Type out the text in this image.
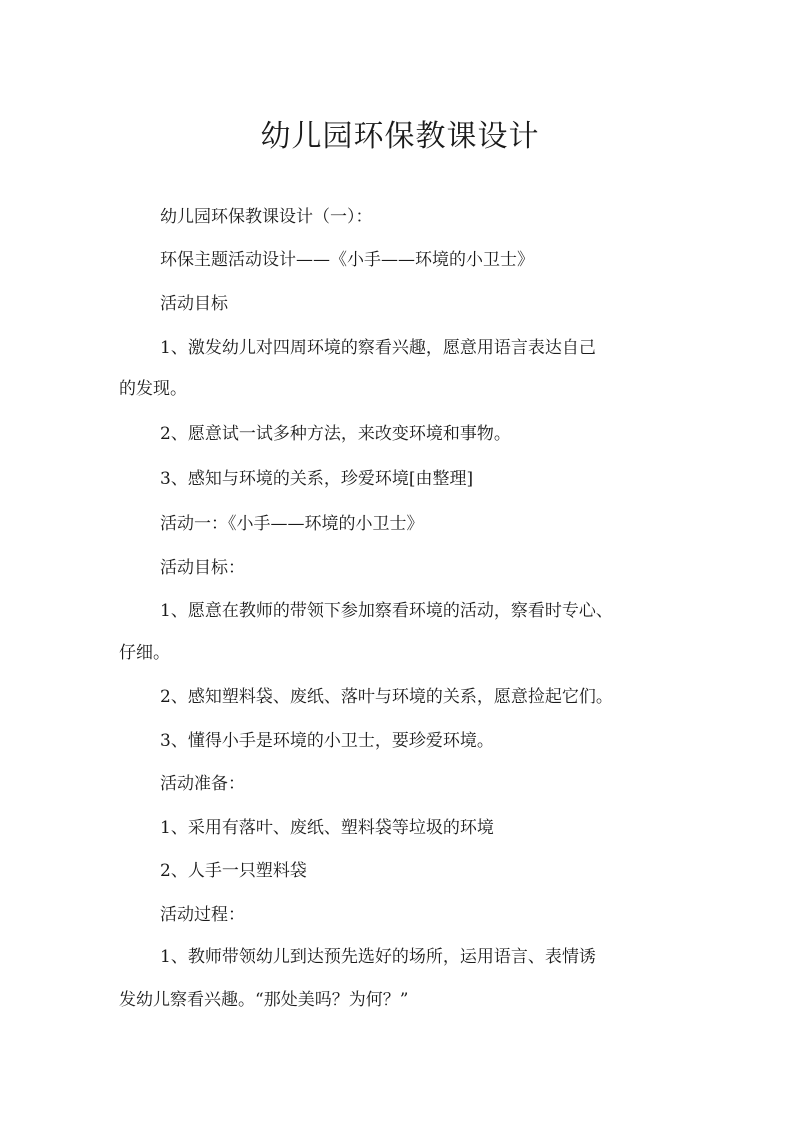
幼儿园环保教课设计

幼儿园环保教课设计（一）：

环保主题活动设计——《小手——环境的小卫士》

活动目标

1、激发幼儿对四周环境的察看兴趣，愿意用语言表达自己

的发现。

2、愿意试一试多种方法，来改变环境和事物。

3、感知与环境的关系，珍爱环境[由整理]

活动一：《小手——环境的小卫士》

活动目标：

1、愿意在教师的带领下参加察看环境的活动，察看时专心、

仔细。

2、感知塑料袋、废纸、落叶与环境的关系，愿意捡起它们。

3、懂得小手是环境的小卫士，要珍爱环境。

活动准备：

1、采用有落叶、废纸、塑料袋等垃圾的环境

2、人手一只塑料袋

活动过程：

1、教师带领幼儿到达预先选好的场所，运用语言、表情诱

发幼儿察看兴趣。“那处美吗？为何？”
